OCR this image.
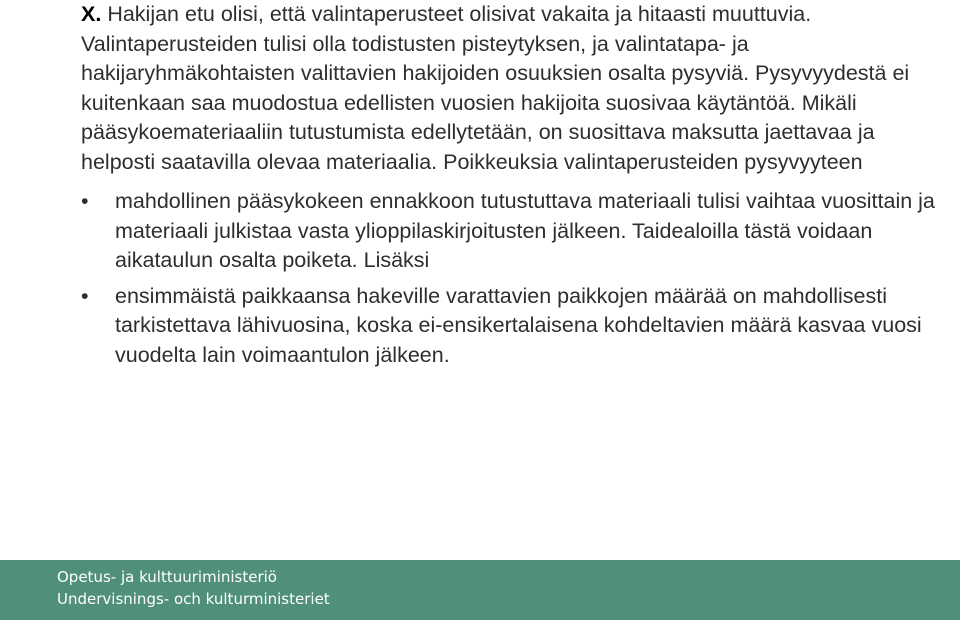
X. Hakijan etu olisi, että valintaperusteet olisivat vakaita ja hitaasti muuttuvia. Valintaperusteiden tulisi olla todistusten pisteytyksen, ja valintatapa- ja hakijaryhmäkohtaisten valittavien hakijoiden osuuksien osalta pysyviä. Pysyvyydestä ei kuitenkaan saa muodostua edellisten vuosien hakijoita suosivaa käytäntöä. Mikäli pääsykoemateriaaliin tutustumista edellytetään, on suosittava maksutta jaettavaa ja helposti saatavilla olevaa materiaalia. Poikkeuksia valintaperusteiden pysyvyyteen

• mahdollinen pääsykokeen ennakkoon tutustuttava materiaali tulisi vaihtaa vuosittain ja materiaali julkistaa vasta ylioppilaskirjoitusten jälkeen. Taidealoilla tästä voidaan aikataulun osalta poiketa. Lisäksi
• ensimmäistä paikkaansa hakeville varattavien paikkojen määrää on mahdollisesti tarkistettava lähivuosina, koska ei-ensikertalaisena kohdeltavien määrä kasvaa vuosi vuodelta lain voimaantulon jälkeen.
Opetus- ja kulttuuriministeriö
Undervisnings- och kulturministeriet
